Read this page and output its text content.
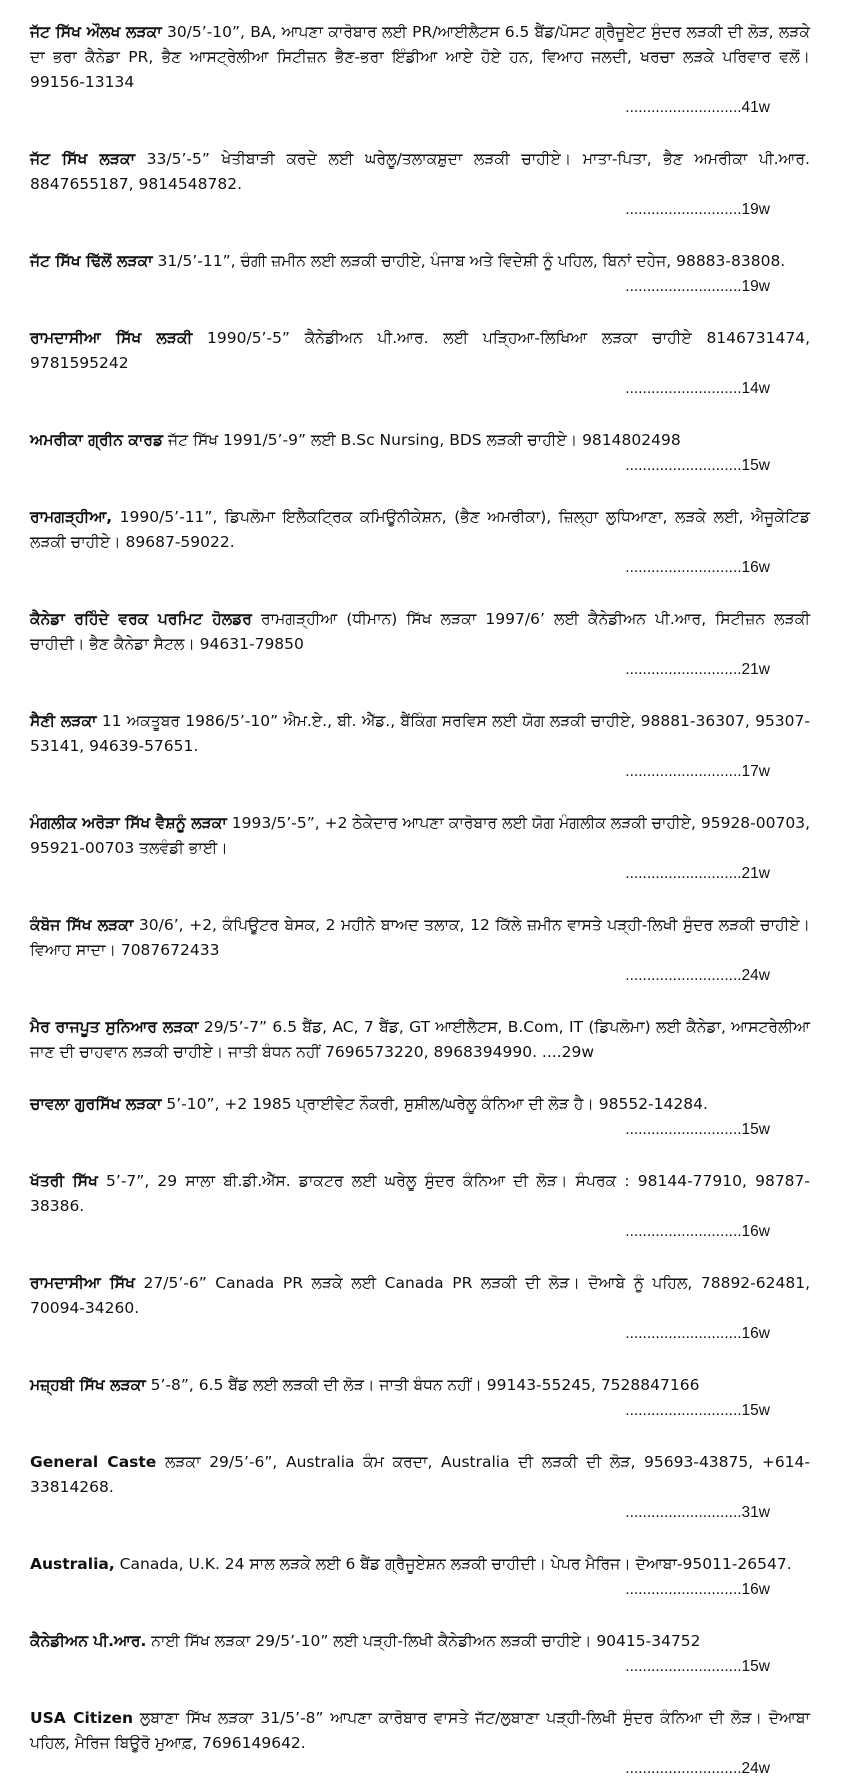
ਜੱਟ ਸਿੱਖ ਔਲਖ ਲੜਕਾ 30/5’-10”, BA, ਆਪਣਾ ਕਾਰੋਬਾਰ ਲਈ PR/ਆਈਲੈਟਸ 6.5 ਬੈਂਡ/ਪੋਸਟ ਗ੍ਰੈਜੂਏਟ ਸੁੰਦਰ ਲੜਕੀ ਦੀ ਲੋੜ, ਲੜਕੇ ਦਾ ਭਰਾ ਕੈਨੇਡਾ PR, ਭੈਣ ਆਸਟ੍ਰੇਲੀਆ ਸਿਟੀਜ਼ਨ ਭੈਣ-ਭਰਾ ਇੰਡੀਆ ਆਏ ਹੋਏ ਹਨ, ਵਿਆਹ ਜਲਦੀ, ਖਰਚਾ ਲੜਕੇ ਪਰਿਵਾਰ ਵਲੋਂ। 99156-13134
...........................41w
ਜੱਟ ਸਿੱਖ ਲੜਕਾ 33/5’-5” ਖੇਤੀਬਾੜੀ ਕਰਦੇ ਲਈ ਘਰੇਲੂ/ਤਲਾਕਸ਼ੁਦਾ ਲੜਕੀ ਚਾਹੀਏ। ਮਾਤਾ-ਪਿਤਾ, ਭੈਣ ਅਮਰੀਕਾ ਪੀ.ਆਰ. 8847655187, 9814548782.
...........................19w
ਜੱਟ ਸਿੱਖ ਢਿੱਲੋਂ ਲੜਕਾ 31/5’-11”, ਚੰਗੀ ਜ਼ਮੀਨ ਲਈ ਲੜਕੀ ਚਾਹੀਏ, ਪੰਜਾਬ ਅਤੇ ਵਿਦੇਸ਼ੀ ਨੂੰ ਪਹਿਲ, ਬਿਨਾਂ ਦਹੇਜ, 98883-83808.
...........................19w
ਰਾਮਦਾਸੀਆ ਸਿੱਖ ਲੜਕੀ 1990/5’-5” ਕੈਨੇਡੀਅਨ ਪੀ.ਆਰ. ਲਈ ਪੜ੍ਹਿਆ-ਲਿਖਿਆ ਲੜਕਾ ਚਾਹੀਏ 8146731474, 9781595242
...........................14w
ਅਮਰੀਕਾ ਗ੍ਰੀਨ ਕਾਰਡ ਜੱਟ ਸਿੱਖ 1991/5’-9” ਲਈ B.Sc Nursing, BDS ਲੜਕੀ ਚਾਹੀਏ। 9814802498
...........................15w
ਰਾਮਗੜ੍ਹੀਆ, 1990/5’-11”, ਡਿਪਲੋਮਾ ਇਲੈਕਟ੍ਰਿਕ ਕਮਿਊਨੀਕੇਸ਼ਨ, (ਭੈਣ ਅਮਰੀਕਾ), ਜ਼ਿਲ੍ਹਾ ਲੁਧਿਆਣਾ, ਲੜਕੇ ਲਈ, ਐਜੂਕੇਟਿਡ ਲੜਕੀ ਚਾਹੀਏ। 89687-59022.
...........................16w
ਕੈਨੇਡਾ ਰਹਿੰਦੇ ਵਰਕ ਪਰਮਿਟ ਹੋਲਡਰ ਰਾਮਗੜ੍ਹੀਆ (ਧੀਮਾਨ) ਸਿੱਖ ਲੜਕਾ 1997/6’ ਲਈ ਕੈਨੇਡੀਅਨ ਪੀ.ਆਰ, ਸਿਟੀਜ਼ਨ ਲੜਕੀ ਚਾਹੀਦੀ। ਭੈਣ ਕੈਨੇਡਾ ਸੈਟਲ। 94631-79850
...........................21w
ਸੈਣੀ ਲੜਕਾ 11 ਅਕਤੂਬਰ 1986/5’-10” ਐਮ.ਏ., ਬੀ. ਐੱਡ., ਬੈਂਕਿੰਗ ਸਰਵਿਸ ਲਈ ਯੋਗ ਲੜਕੀ ਚਾਹੀਏ, 98881-36307, 95307-53141, 94639-57651.
...........................17w
ਮੰਗਲੀਕ ਅਰੋੜਾ ਸਿੱਖ ਵੈਸ਼ਨੂੰ ਲੜਕਾ 1993/5’-5”, +2 ਠੇਕੇਦਾਰ ਆਪਣਾ ਕਾਰੋਬਾਰ ਲਈ ਯੋਗ ਮੰਗਲੀਕ ਲੜਕੀ ਚਾਹੀਏ, 95928-00703, 95921-00703 ਤਲਵੰਡੀ ਭਾਈ।
...........................21w
ਕੰਬੋਜ ਸਿੱਖ ਲੜਕਾ 30/6’, +2, ਕੰਪਿਊਟਰ ਬੇਸਕ, 2 ਮਹੀਨੇ ਬਾਅਦ ਤਲਾਕ, 12 ਕਿੱਲੇ ਜ਼ਮੀਨ ਵਾਸਤੇ ਪੜ੍ਹੀ-ਲਿਖੀ ਸੁੰਦਰ ਲੜਕੀ ਚਾਹੀਏ। ਵਿਆਹ ਸਾਦਾ। 7087672433
...........................24w
ਮੈਰ ਰਾਜਪੂਤ ਸੁਨਿਆਰ ਲੜਕਾ 29/5’-7” 6.5 ਬੈਂਡ, AC, 7 ਬੈਂਡ, GT ਆਈਲੈਟਸ, B.Com, IT (ਡਿਪਲੋਮਾ) ਲਈ ਕੈਨੇਡਾ, ਆਸਟਰੇਲੀਆ ਜਾਣ ਦੀ ਚਾਹਵਾਨ ਲੜਕੀ ਚਾਹੀਏ। ਜਾਤੀ ਬੰਧਨ ਨਹੀਂ 7696573220, 8968394990. ....29w
ਚਾਵਲਾ ਗੁਰਸਿੱਖ ਲੜਕਾ 5’-10”, +2 1985 ਪ੍ਰਾਈਵੇਟ ਨੌਕਰੀ, ਸੁਸ਼ੀਲ/ਘਰੇਲੂ ਕੰਨਿਆ ਦੀ ਲੋੜ ਹੈ। 98552-14284.
...........................15w
ਖੱਤਰੀ ਸਿੱਖ 5’-7”, 29 ਸਾਲਾ ਬੀ.ਡੀ.ਐੱਸ. ਡਾਕਟਰ ਲਈ ਘਰੇਲੂ ਸੁੰਦਰ ਕੰਨਿਆ ਦੀ ਲੋੜ। ਸੰਪਰਕ : 98144-77910, 98787-38386.
...........................16w
ਰਾਮਦਾਸੀਆ ਸਿੱਖ 27/5’-6” Canada PR ਲੜਕੇ ਲਈ Canada PR ਲੜਕੀ ਦੀ ਲੋੜ। ਦੋਆਬੇ ਨੂੰ ਪਹਿਲ, 78892-62481, 70094-34260.
...........................16w
ਮਜ਼੍ਹਬੀ ਸਿੱਖ ਲੜਕਾ 5’-8”, 6.5 ਬੈਂਡ ਲਈ ਲੜਕੀ ਦੀ ਲੋੜ। ਜਾਤੀ ਬੰਧਨ ਨਹੀਂ। 99143-55245, 7528847166
...........................15w
General Caste ਲੜਕਾ 29/5’-6”, Australia ਕੰਮ ਕਰਦਾ, Australia ਦੀ ਲੜਕੀ ਦੀ ਲੋੜ, 95693-43875, +614-33814268.
...........................31w
Australia, Canada, U.K. 24 ਸਾਲ ਲੜਕੇ ਲਈ 6 ਬੈਂਡ ਗ੍ਰੈਜੂਏਸ਼ਨ ਲੜਕੀ ਚਾਹੀਦੀ। ਪੇਪਰ ਮੈਰਿਜ। ਦੋਆਬਾ-95011-26547.
...........................16w
ਕੈਨੇਡੀਅਨ ਪੀ.ਆਰ. ਨਾਈ ਸਿੱਖ ਲੜਕਾ 29/5’-10” ਲਈ ਪੜ੍ਹੀ-ਲਿਖੀ ਕੈਨੇਡੀਅਨ ਲੜਕੀ ਚਾਹੀਏ। 90415-34752
...........................15w
USA Citizen ਲੁਬਾਣਾ ਸਿੱਖ ਲੜਕਾ 31/5’-8” ਆਪਣਾ ਕਾਰੋਬਾਰ ਵਾਸਤੇ ਜੱਟ/ਲੁਬਾਣਾ ਪੜ੍ਹੀ-ਲਿਖੀ ਸੁੰਦਰ ਕੰਨਿਆ ਦੀ ਲੋੜ। ਦੋਆਬਾ ਪਹਿਲ, ਮੈਰਿਜ ਬਿਊਰੋ ਮੁਆਫ਼, 7696149642.
...........................24w
